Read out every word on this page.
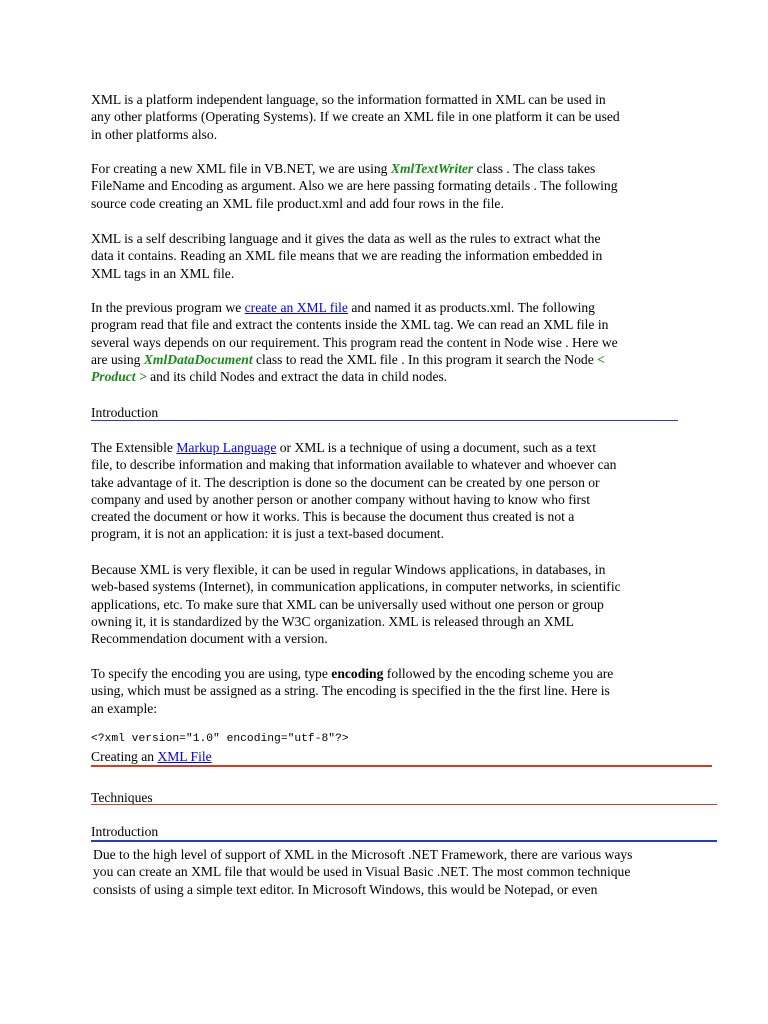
XML is a platform independent language, so the information formatted in XML can be used in
any other platforms (Operating Systems). If we create an XML file in one platform it can be used
in other platforms also.
For creating a new XML file in VB.NET, we are using XmlTextWriter class . The class takes
FileName and Encoding as argument. Also we are here passing formating details . The following
source code creating an XML file product.xml and add four rows in the file.
XML is a self describing language and it gives the data as well as the rules to extract what the
data it contains. Reading an XML file means that we are reading the information embedded in
XML tags in an XML file.
In the previous program we create an XML file and named it as products.xml. The following
program read that file and extract the contents inside the XML tag. We can read an XML file in
several ways depends on our requirement. This program read the content in Node wise . Here we
are using XmlDataDocument class to read the XML file . In this program it search the Node <
Product > and its child Nodes and extract the data in child nodes.
Introduction
The Extensible Markup Language or XML is a technique of using a document, such as a text
file, to describe information and making that information available to whatever and whoever can
take advantage of it. The description is done so the document can be created by one person or
company and used by another person or another company without having to know who first
created the document or how it works. This is because the document thus created is not a
program, it is not an application: it is just a text-based document.
Because XML is very flexible, it can be used in regular Windows applications, in databases, in
web-based systems (Internet), in communication applications, in computer networks, in scientific
applications, etc. To make sure that XML can be universally used without one person or group
owning it, it is standardized by the W3C organization. XML is released through an XML
Recommendation document with a version.
To specify the encoding you are using, type encoding followed by the encoding scheme you are
using, which must be assigned as a string. The encoding is specified in the the first line. Here is
an example:
<?xml version="1.0" encoding="utf-8"?>
Creating an XML File
Techniques
Introduction
Due to the high level of support of XML in the Microsoft .NET Framework, there are various ways
you can create an XML file that would be used in Visual Basic .NET. The most common technique
consists of using a simple text editor. In Microsoft Windows, this would be Notepad, or even
